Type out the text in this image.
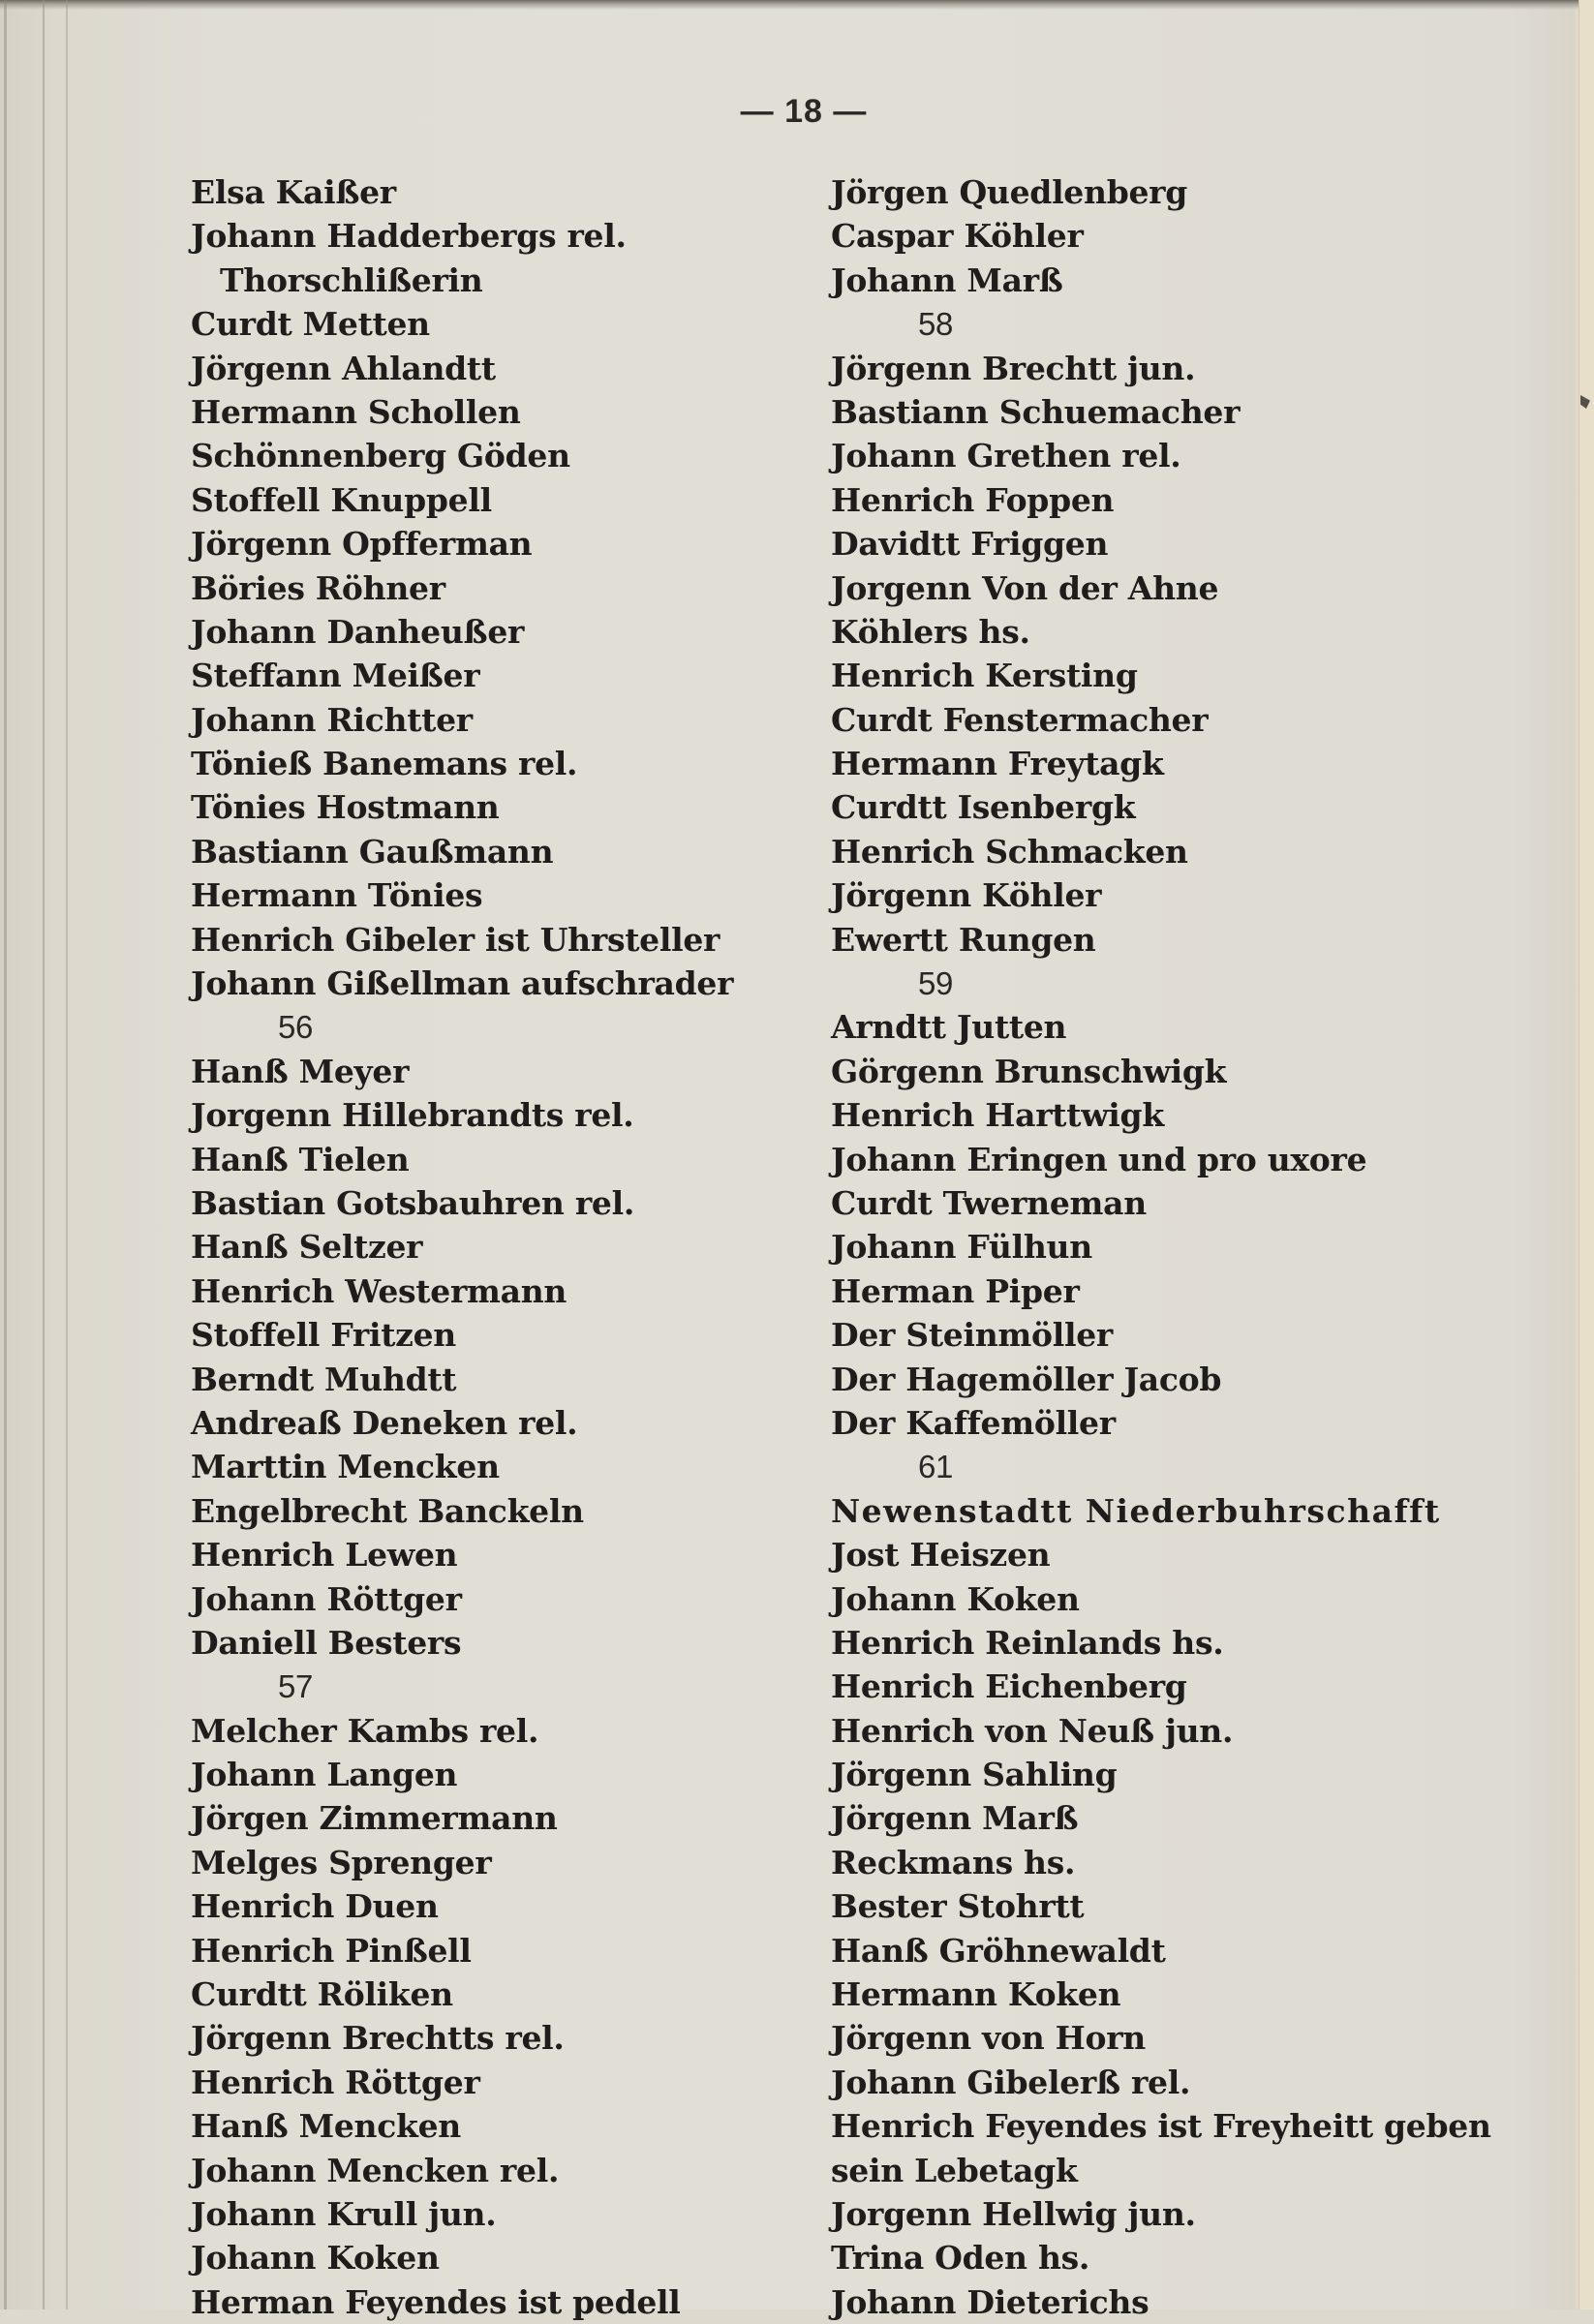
— 18 —
Elsa Kaißer
Johann Hadderbergs rel.
Thorschlißerin
Curdt Metten
Jörgenn Ahlandtt
Hermann Schollen
Schönnenberg Göden
Stoffell Knuppell
Jörgenn Opfferman
Böries Röhner
Johann Danheußer
Steffann Meißer
Johann Richtter
Tönieß Banemans rel.
Tönies Hostmann
Bastiann Gaußmann
Hermann Tönies
Henrich Gibeler ist Uhrsteller
Johann Gißellman aufschrader
56
Hanß Meyer
Jorgenn Hillebrandts rel.
Hanß Tielen
Bastian Gotsbauhren rel.
Hanß Seltzer
Henrich Westermann
Stoffell Fritzen
Berndt Muhdtt
Andreaß Deneken rel.
Marttin Mencken
Engelbrecht Banckeln
Henrich Lewen
Johann Röttger
Daniell Besters
57
Melcher Kambs rel.
Johann Langen
Jörgen Zimmermann
Melges Sprenger
Henrich Duen
Henrich Pinßell
Curdtt Röliken
Jörgenn Brechtts rel.
Henrich Röttger
Hanß Mencken
Johann Mencken rel.
Johann Krull jun.
Johann Koken
Herman Feyendes ist pedell
Jörgen Quedlenberg
Caspar Köhler
Johann Marß
58
Jörgenn Brechtt jun.
Bastiann Schuemacher
Johann Grethen rel.
Henrich Foppen
Davidtt Friggen
Jorgenn Von der Ahne
Köhlers hs.
Henrich Kersting
Curdt Fenstermacher
Hermann Freytagk
Curdtt Isenbergk
Henrich Schmacken
Jörgenn Köhler
Ewertt Rungen
59
Arndtt Jutten
Görgenn Brunschwigk
Henrich Harttwigk
Johann Eringen und pro uxore
Curdt Twerneman
Johann Fülhun
Herman Piper
Der Steinmöller
Der Hagemöller Jacob
Der Kaffemöller
61
Newenstadtt Niederbuhrschafft
Jost Heiszen
Johann Koken
Henrich Reinlands hs.
Henrich Eichenberg
Henrich von Neuß jun.
Jörgenn Sahling
Jörgenn Marß
Reckmans hs.
Bester Stohrtt
Hanß Gröhnewaldt
Hermann Koken
Jörgenn von Horn
Johann Gibelerß rel.
Henrich Feyendes ist Freyheitt geben
sein Lebetagk
Jorgenn Hellwig jun.
Trina Oden hs.
Johann Dieterichs
